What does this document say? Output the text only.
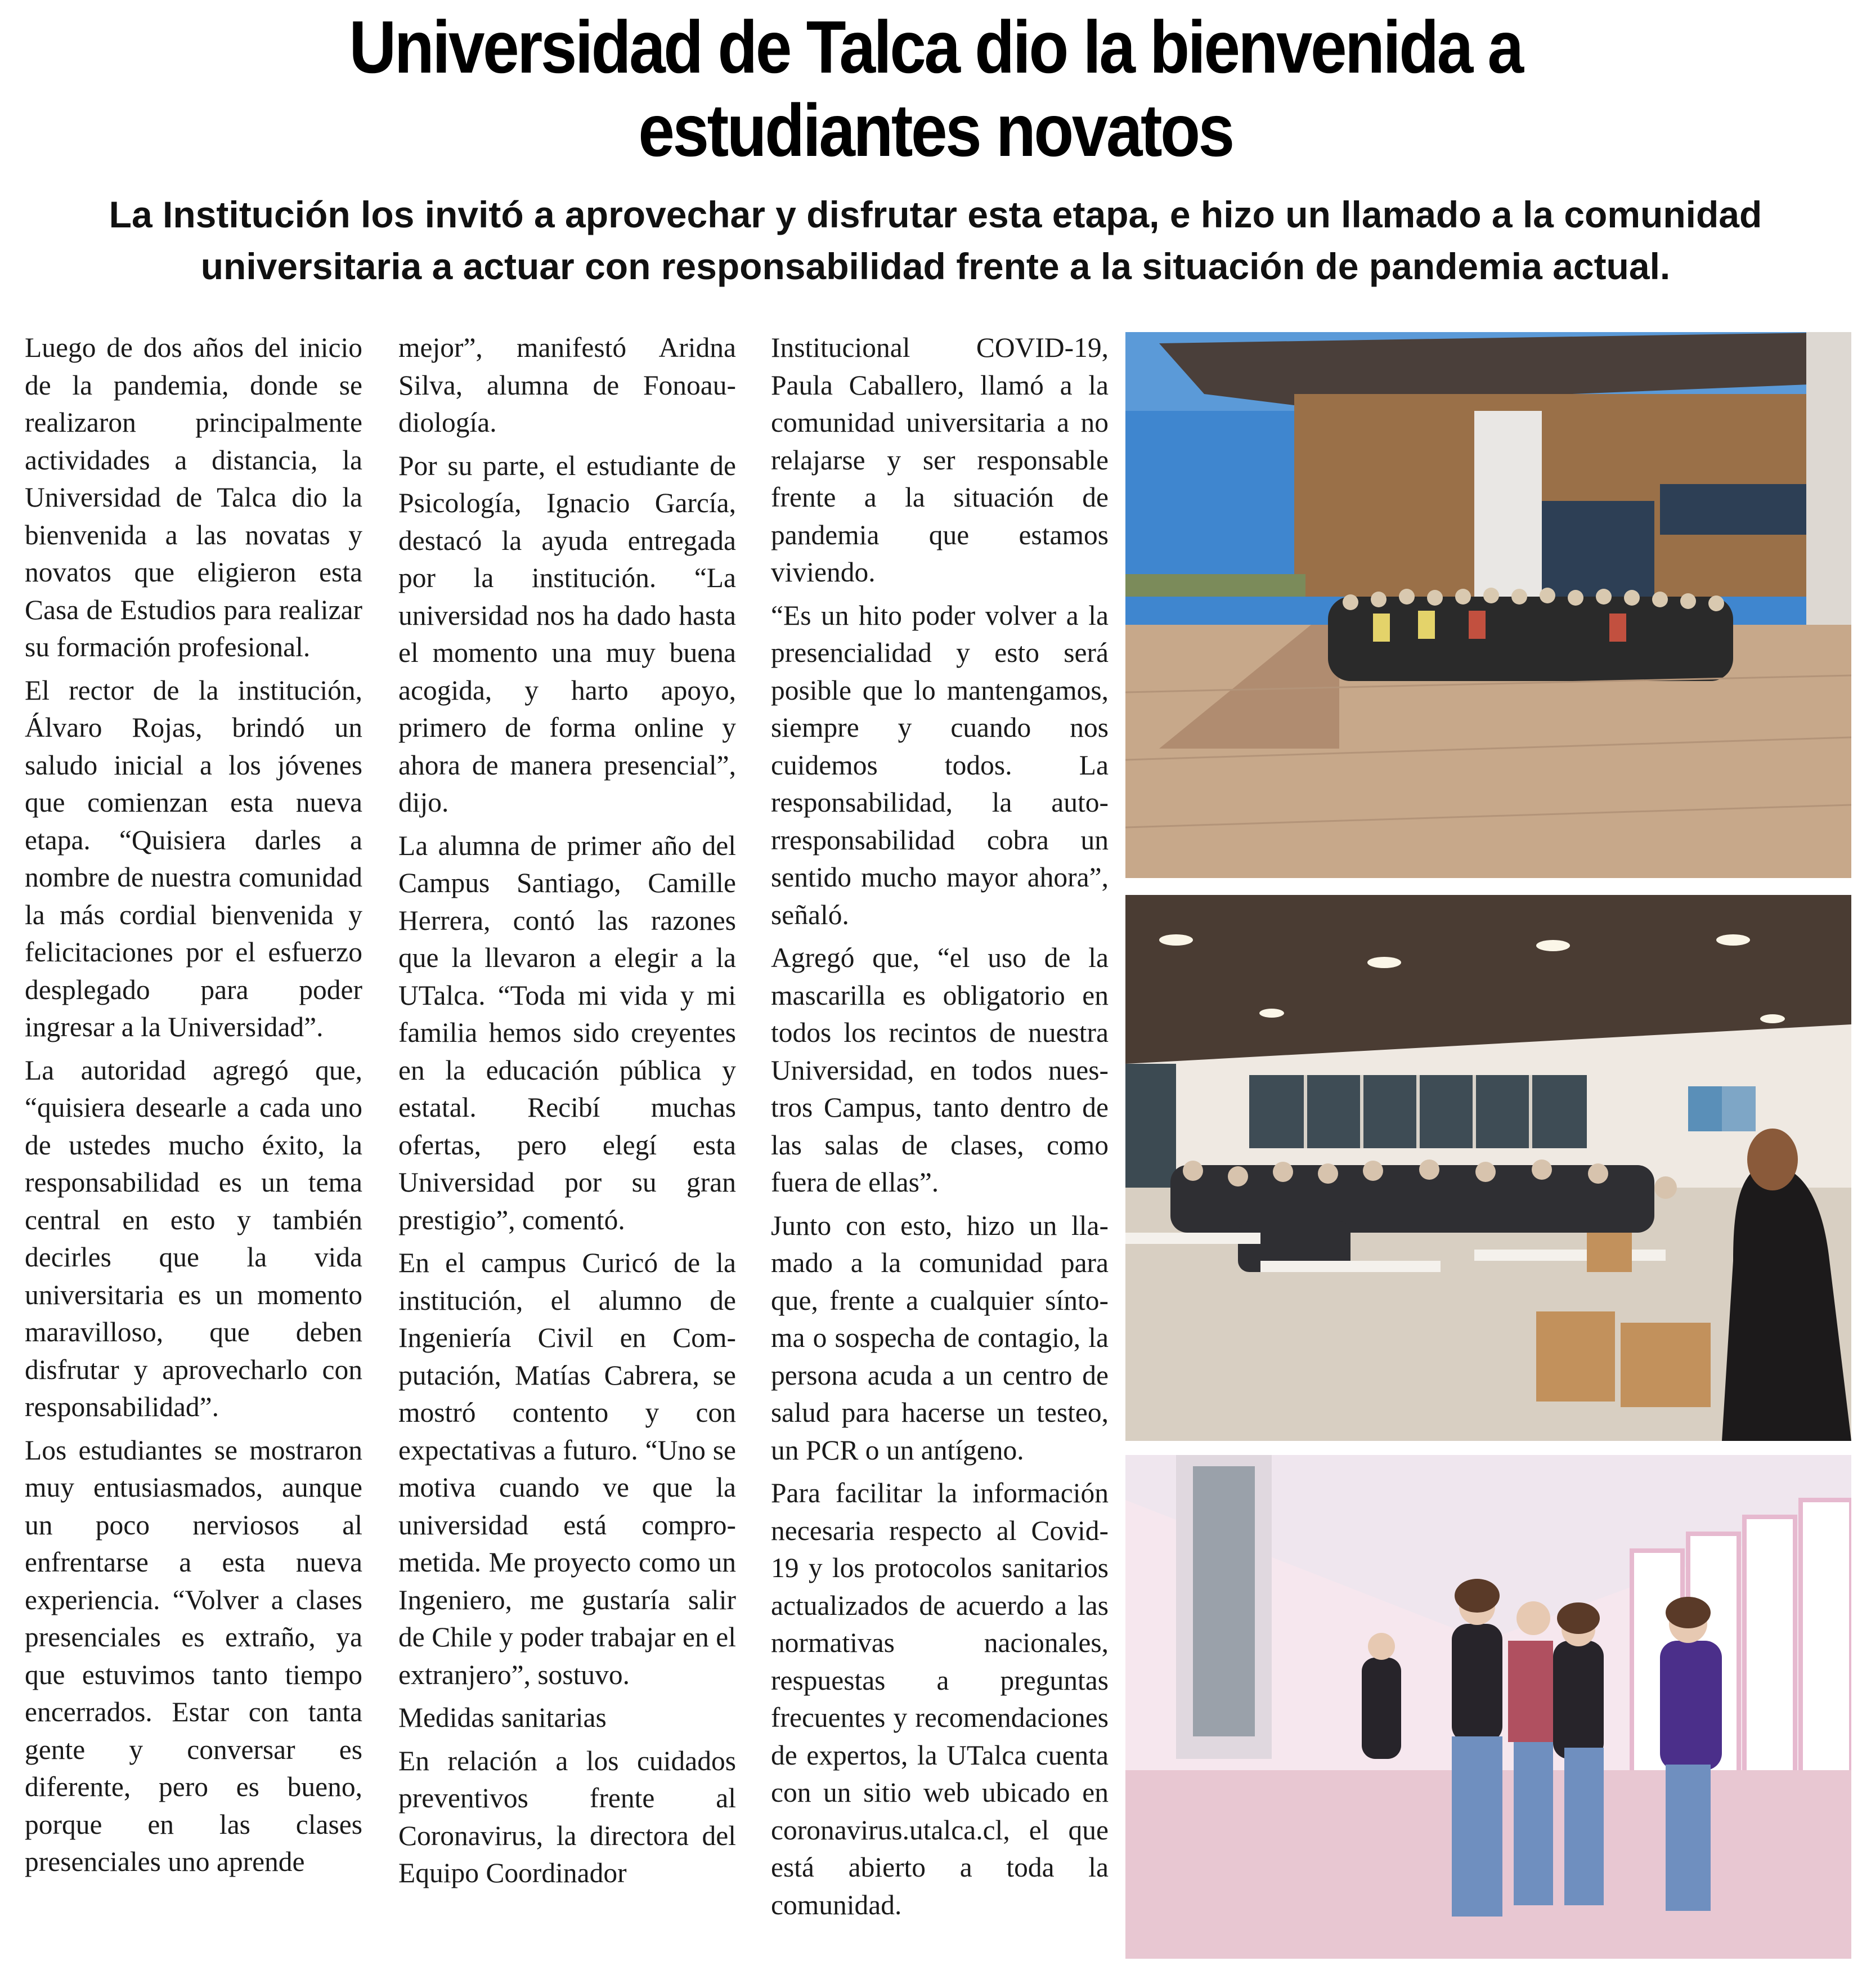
Universidad de Talca dio la bienvenida a
estudiantes novatos
La Institución los invitó a aprovechar y disfrutar esta etapa, e hizo un llamado a la comunidad
universitaria a actuar con responsabilidad frente a la situación de pandemia actual.

Luego de dos años del inicio de la pandemia, donde se realizaron principalmente actividades a distancia, la Universidad de Talca dio la bienvenida a las novatas y novatos que eligieron esta Casa de Estudios para realizar su formación profesional.

El rector de la institución, Álvaro Rojas, brindó un saludo inicial a los jóvenes que comienzan esta nueva etapa. “Quisiera darles a nombre de nuestra comunidad la más cordial bienvenida y felicitaciones por el esfuerzo desplegado para poder ingresar a la Universidad”.

La autoridad agregó que, “quisiera desearle a cada uno de ustedes mucho éxito, la responsabilidad es un tema central en esto y también decirles que la vida universitaria es un momento maravilloso, que deben disfrutar y aprovecharlo con responsabilidad”.

Los estudiantes se mostraron muy entusiasmados, aunque un poco nerviosos al enfrentarse a esta nueva experiencia. “Volver a clases presenciales es extraño, ya que estuvimos tanto tiempo encerrados. Estar con tanta gente y conversar es diferente, pero es bueno, porque en las clases presenciales uno aprende

mejor”, manifestó Aridna Silva, alumna de Fonoaudiología.

Por su parte, el estudiante de Psicología, Ignacio García, destacó la ayuda entregada por la institución. “La universidad nos ha dado hasta el momento una muy buena acogida, y harto apoyo, primero de forma online y ahora de manera presencial”, dijo.

La alumna de primer año del Campus Santiago, Camille Herrera, contó las razones que la llevaron a elegir a la UTalca. “Toda mi vida y mi familia hemos sido creyentes en la educación pública y estatal. Recibí muchas ofertas, pero elegí esta Universidad por su gran prestigio”, comentó.

En el campus Curicó de la institución, el alumno de Ingeniería Civil en Computación, Matías Cabrera, se mostró contento y con expectativas a futuro. “Uno se motiva cuando ve que la universidad está comprometida. Me proyecto como un Ingeniero, me gustaría salir de Chile y poder trabajar en el extranjero”, sostuvo.

Medidas sanitarias

En relación a los cuidados preventivos frente al Coronavirus, la directora del Equipo Coordinador

Institucional COVID-19, Paula Caballero, llamó a la comunidad universitaria a no relajarse y ser responsable frente a la situación de pandemia que estamos viviendo.

“Es un hito poder volver a la presencialidad y esto será posible que lo mantengamos, siempre y cuando nos cuidemos todos. La responsabilidad, la autorresponsabilidad cobra un sentido mucho mayor ahora”, señaló.

Agregó que, “el uso de la mascarilla es obligatorio en todos los recintos de nuestra Universidad, en todos nuestros Campus, tanto dentro de las salas de clases, como fuera de ellas”.

Junto con esto, hizo un llamado a la comunidad para que, frente a cualquier síntoma o sospecha de contagio, la persona acuda a un centro de salud para hacerse un testeo, un PCR o un antígeno.

Para facilitar la información necesaria respecto al Covid-19 y los protocolos sanitarios actualizados de acuerdo a las normativas nacionales, respuestas a preguntas frecuentes y recomendaciones de expertos, la UTalca cuenta con un sitio web ubicado en coronavirus.utalca.cl, el que está abierto a toda la comunidad.
